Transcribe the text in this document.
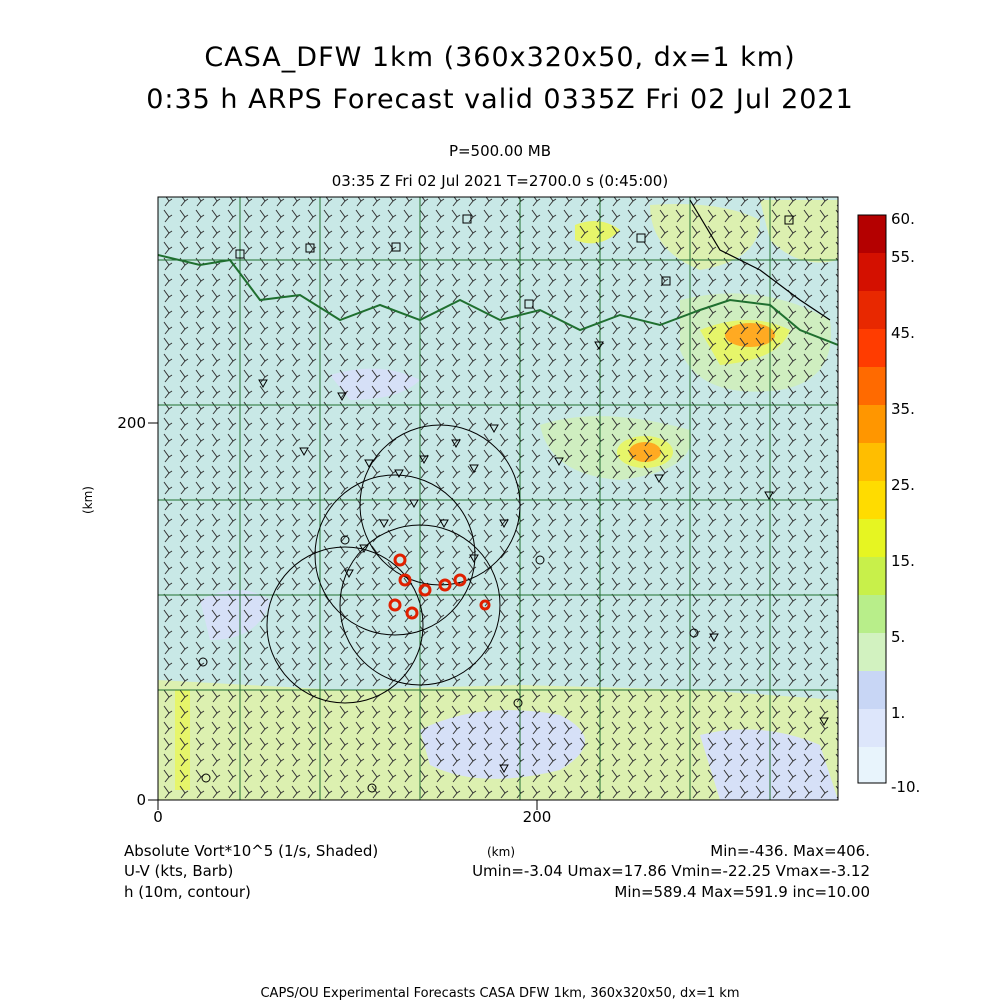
CASA_DFW 1km (360x320x50, dx=1 km)
0:35 h ARPS Forecast valid 0335Z Fri 02 Jul 2021
P=500.00 MB
03:35 Z Fri 02 Jul 2021 T=2700.0 s (0:45:00)
0	200
0
200
(km)
60.
55.
45.
35.
25.
15.
5.
1.
-10.
Absolute Vort*10^5 (1/s, Shaded)	(km)	Min=-436. Max=406.
U-V (kts, Barb)	Umin=-3.04 Umax=17.86 Vmin=-22.25 Vmax=-3.12
h (10m, contour)	Min=589.4 Max=591.9 inc=10.00
CAPS/OU Experimental Forecasts CASA DFW 1km, 360x320x50, dx=1 km
